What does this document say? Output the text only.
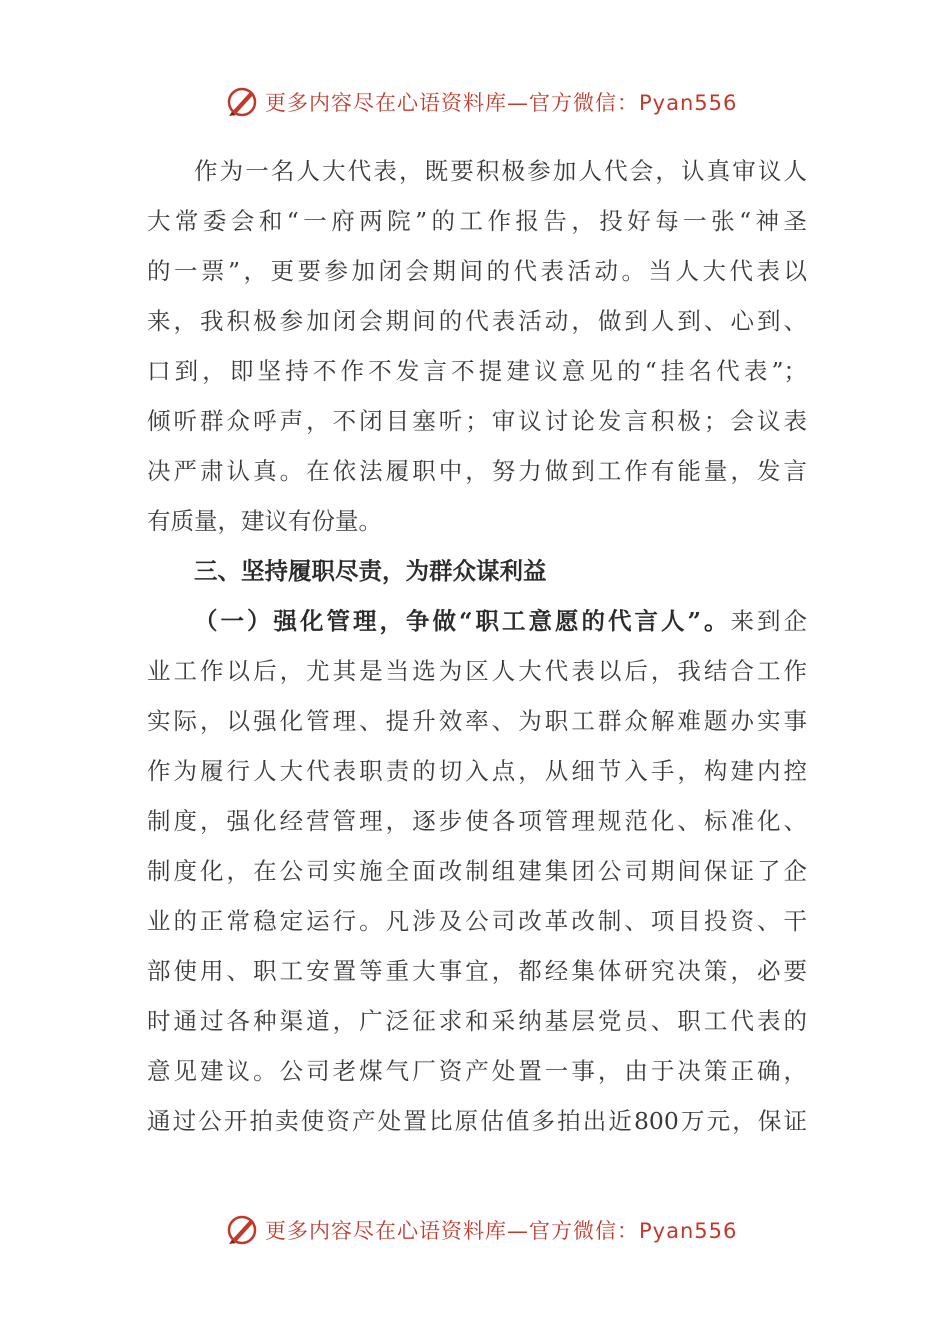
更多内容尽在心语资料库—官方微信：Pyan556
作为一名人大代表，既要积极参加人代会，认真审议人
大常委会和“一府两院”的工作报告，投好每一张“神圣
的一票”，更要参加闭会期间的代表活动。当人大代表以
来，我积极参加闭会期间的代表活动，做到人到、心到、
口到，即坚持不作不发言不提建议意见的“挂名代表”；
倾听群众呼声，不闭目塞听；审议讨论发言积极；会议表
决严肃认真。在依法履职中，努力做到工作有能量，发言
有质量，建议有份量。
三、坚持履职尽责，为群众谋利益
（一）强化管理，争做“职工意愿的代言人”。来到企
业工作以后，尤其是当选为区人大代表以后，我结合工作
实际，以强化管理、提升效率、为职工群众解难题办实事
作为履行人大代表职责的切入点，从细节入手，构建内控
制度，强化经营管理，逐步使各项管理规范化、标准化、
制度化，在公司实施全面改制组建集团公司期间保证了企
业的正常稳定运行。凡涉及公司改革改制、项目投资、干
部使用、职工安置等重大事宜，都经集体研究决策，必要
时通过各种渠道，广泛征求和采纳基层党员、职工代表的
意见建议。公司老煤气厂资产处置一事，由于决策正确，
通过公开拍卖使资产处置比原估值多拍出近800万元，保证
更多内容尽在心语资料库—官方微信：Pyan556
